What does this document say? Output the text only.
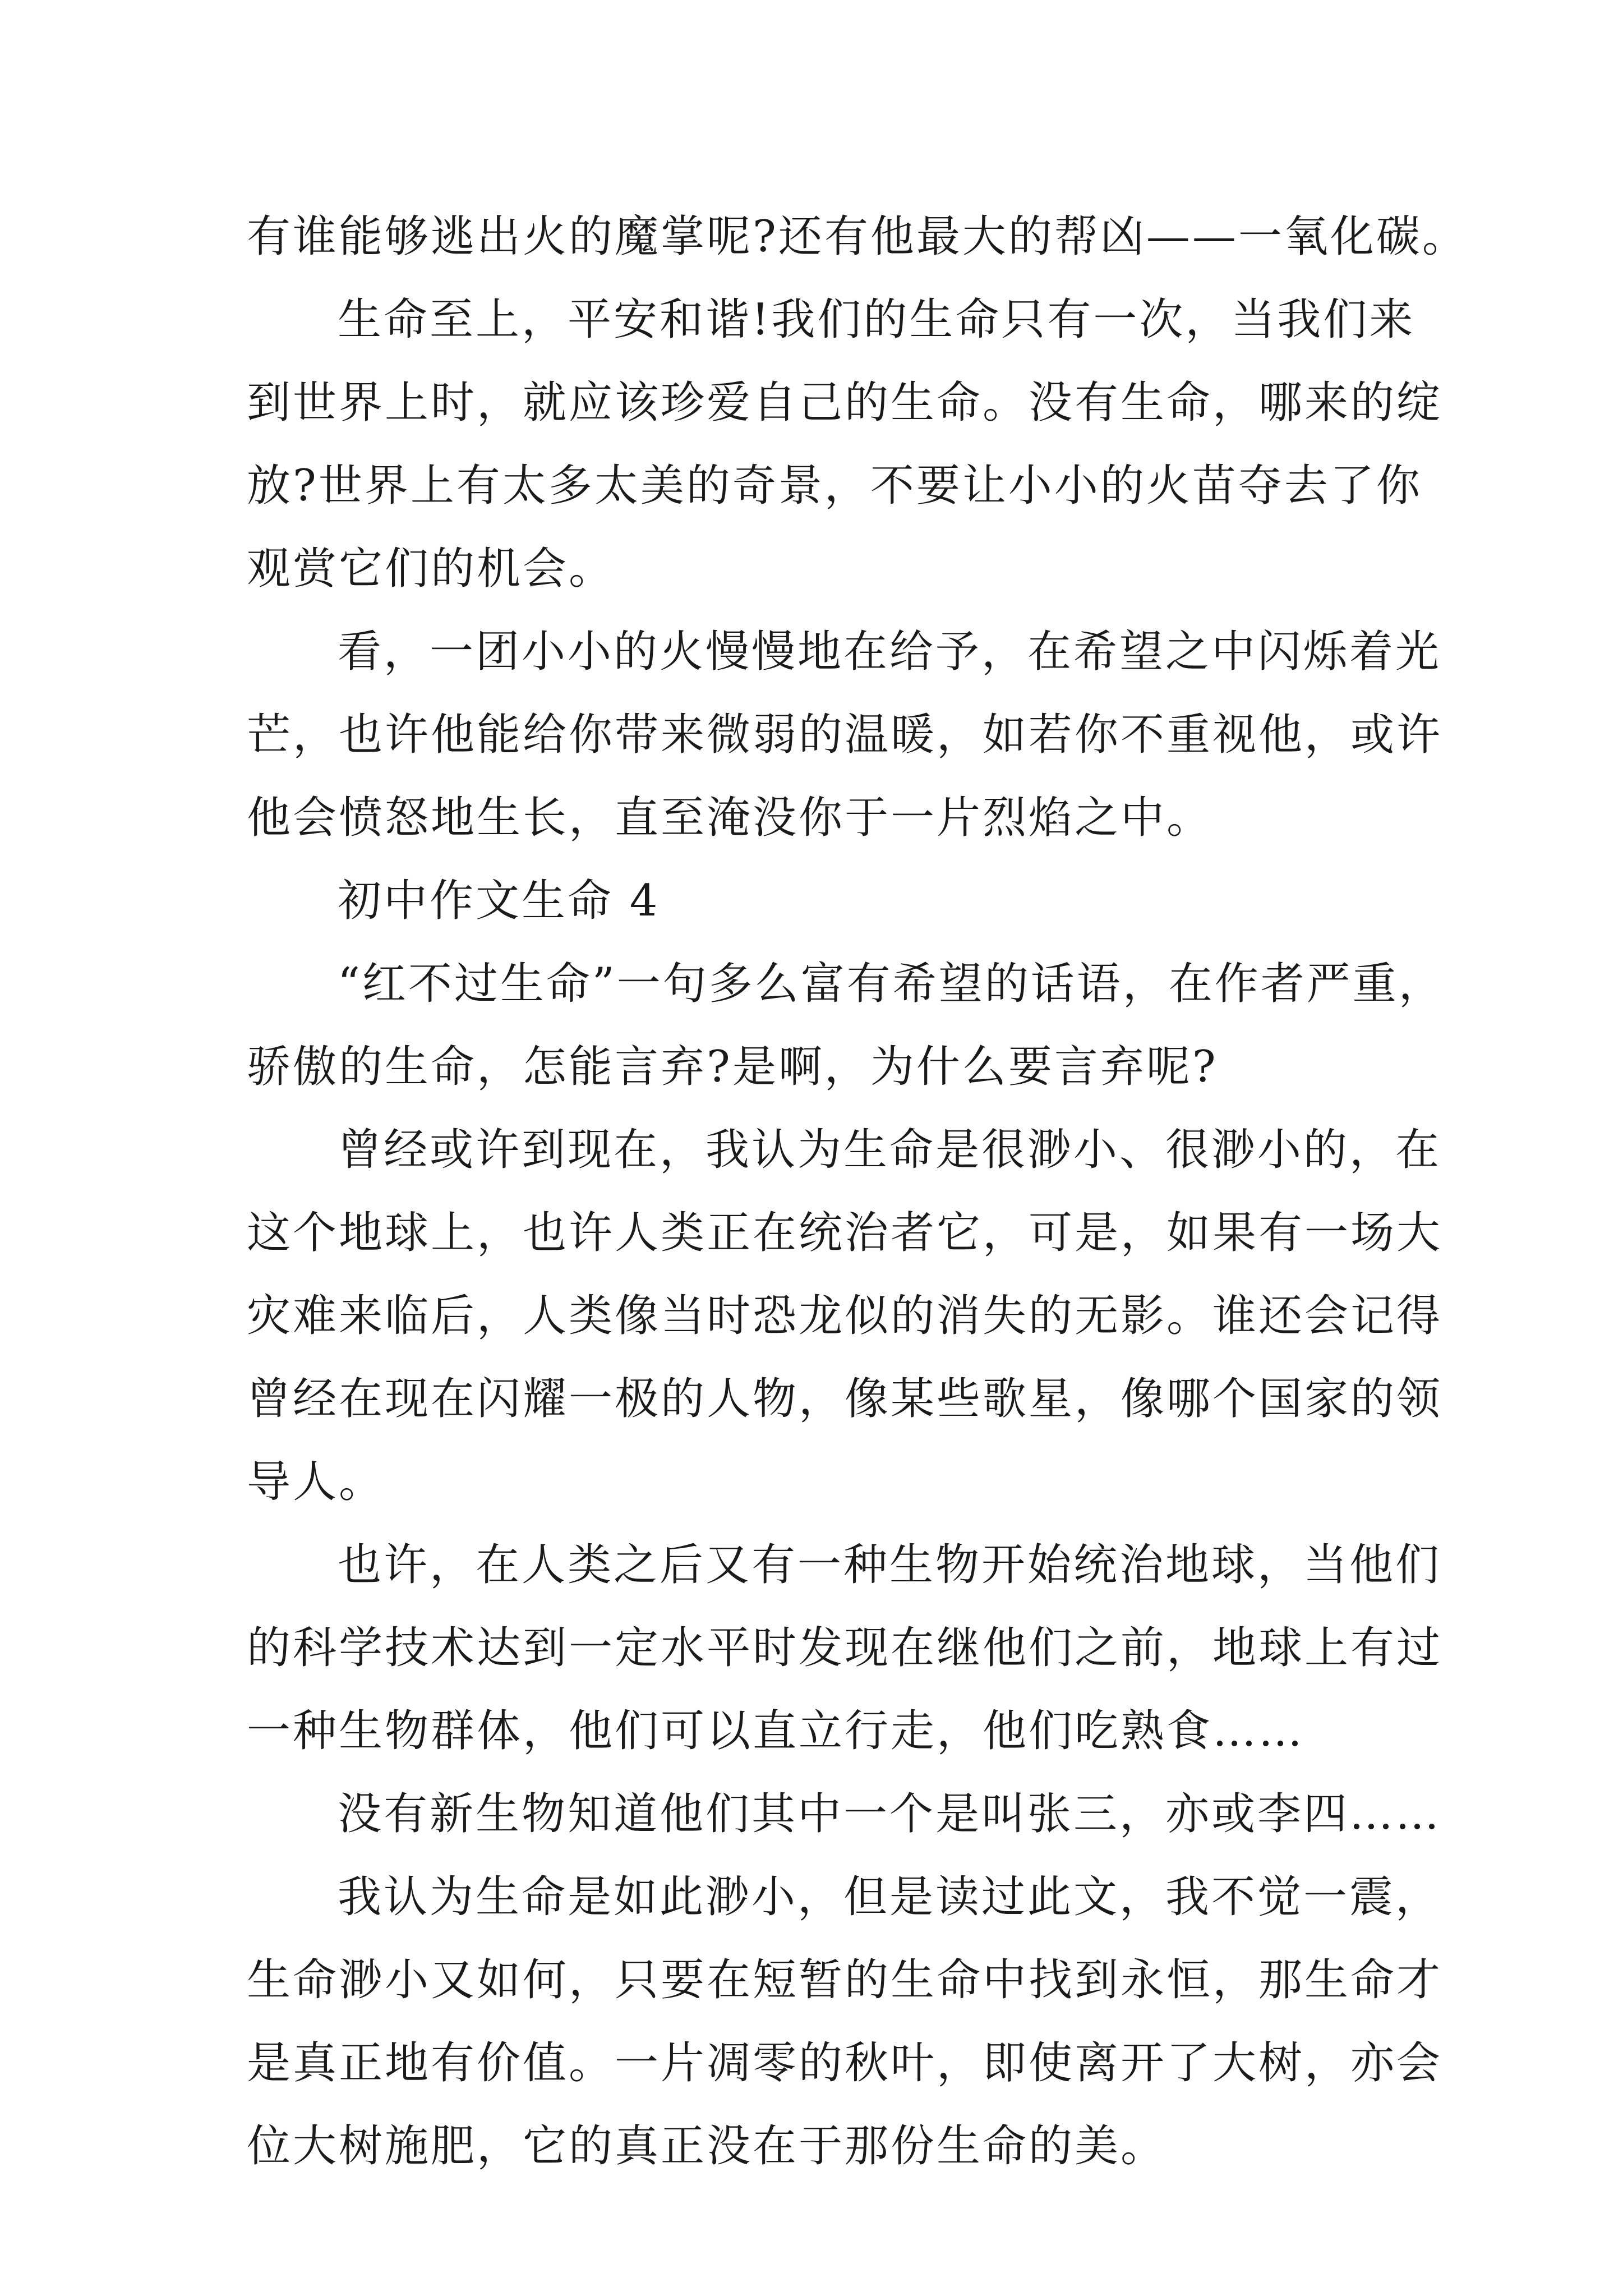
有谁能够逃出火的魔掌呢?还有他最大的帮凶——一氧化碳。
生命至上，平安和谐!我们的生命只有一次，当我们来
到世界上时，就应该珍爱自己的生命。没有生命，哪来的绽
放?世界上有太多太美的奇景，不要让小小的火苗夺去了你
观赏它们的机会。
看，一团小小的火慢慢地在给予，在希望之中闪烁着光
芒，也许他能给你带来微弱的温暖，如若你不重视他，或许
他会愤怒地生长，直至淹没你于一片烈焰之中。
初中作文生命 4
“红不过生命”一句多么富有希望的话语，在作者严重，
骄傲的生命，怎能言弃?是啊，为什么要言弃呢?
曾经或许到现在，我认为生命是很渺小、很渺小的，在
这个地球上，也许人类正在统治者它，可是，如果有一场大
灾难来临后，人类像当时恐龙似的消失的无影。谁还会记得
曾经在现在闪耀一极的人物，像某些歌星，像哪个国家的领
导人。
也许，在人类之后又有一种生物开始统治地球，当他们
的科学技术达到一定水平时发现在继他们之前，地球上有过
一种生物群体，他们可以直立行走，他们吃熟食……
没有新生物知道他们其中一个是叫张三，亦或李四……
我认为生命是如此渺小，但是读过此文，我不觉一震，
生命渺小又如何，只要在短暂的生命中找到永恒，那生命才
是真正地有价值。一片凋零的秋叶，即使离开了大树，亦会
位大树施肥，它的真正没在于那份生命的美。
